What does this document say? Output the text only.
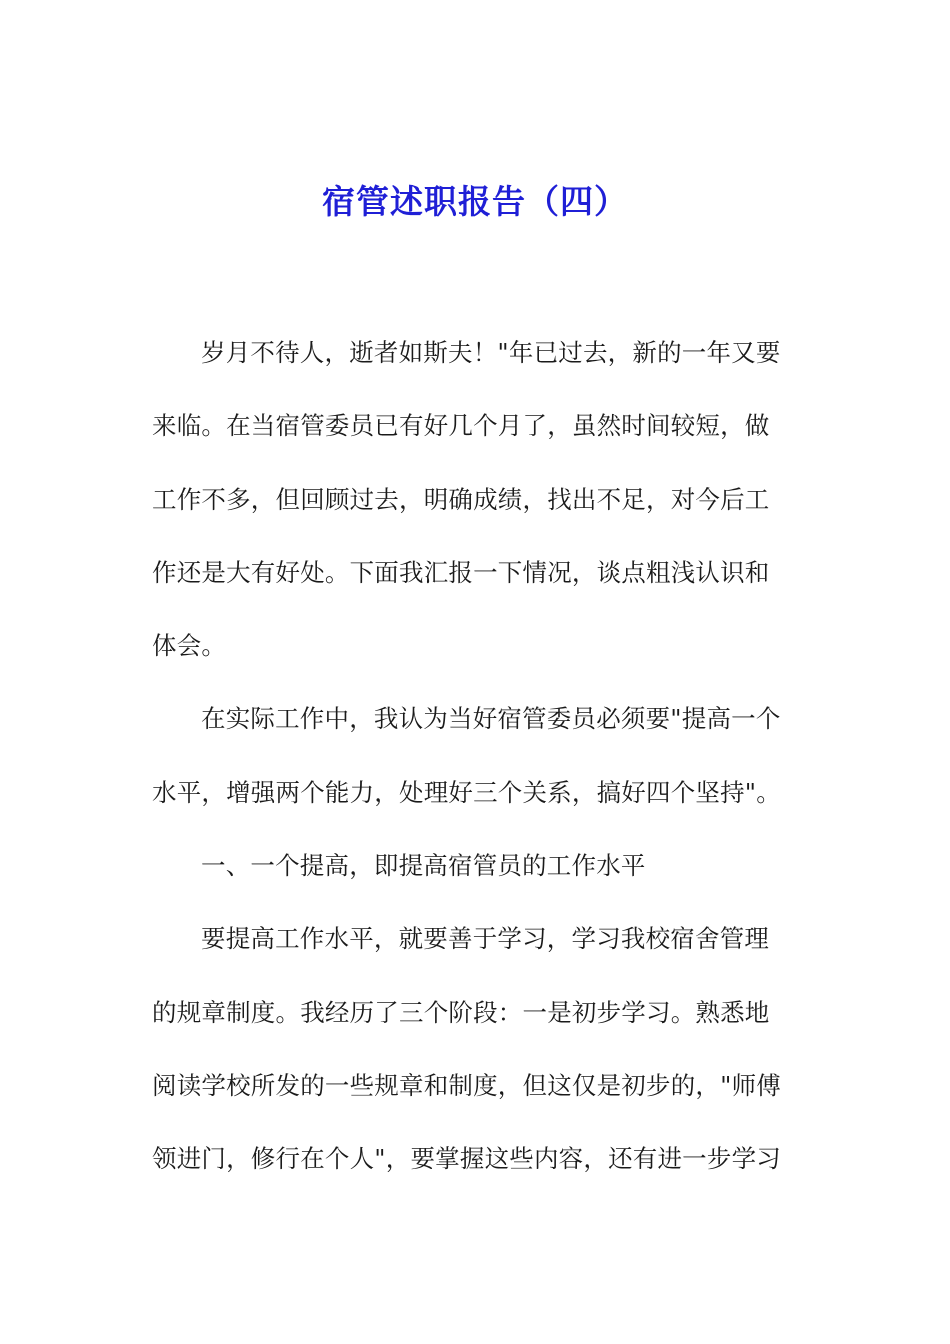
宿管述职报告（四）
岁月不待人，逝者如斯夫！"年已过去，新的一年又要
来临。在当宿管委员已有好几个月了，虽然时间较短，做
工作不多，但回顾过去，明确成绩，找出不足，对今后工
作还是大有好处。下面我汇报一下情况，谈点粗浅认识和
体会。
在实际工作中，我认为当好宿管委员必须要"提高一个
水平，增强两个能力，处理好三个关系，搞好四个坚持"。
一、一个提高，即提高宿管员的工作水平
要提高工作水平，就要善于学习，学习我校宿舍管理
的规章制度。我经历了三个阶段：一是初步学习。熟悉地
阅读学校所发的一些规章和制度，但这仅是初步的，"师傅
领进门，修行在个人"，要掌握这些内容，还有进一步学习
